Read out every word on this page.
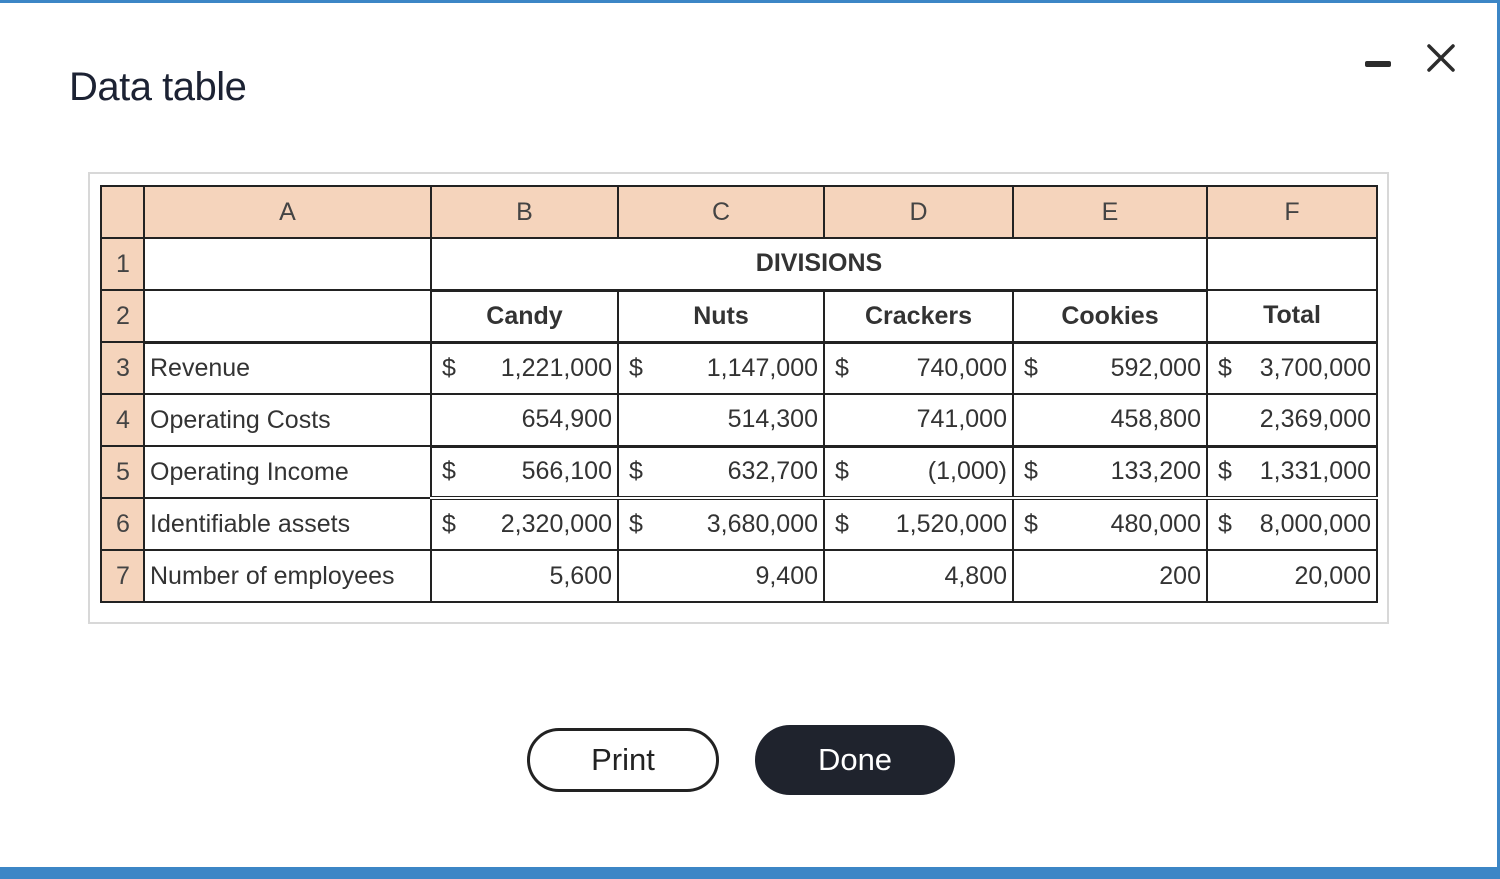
Data table
	A	B	C	D	E	F
1		DIVISIONS				
2		Candy	Nuts	Crackers	Cookies	Total
3	Revenue	$ 1,221,000	$ 1,147,000	$ 740,000	$ 592,000	$ 3,700,000

4	Operating Costs	654,900	514,300	741,000	458,800	2,369,000

5	Operating Income	$ 566,100	$ 632,700	$ (1,000)	$ 133,200	$ 1,331,000

6	Identifiable assets	$ 2,320,000	$ 3,680,000	$ 1,520,000	$ 480,000	$ 8,000,000

7	Number of employees	5,600	9,400	4,800	200	20,000
Print	Done
